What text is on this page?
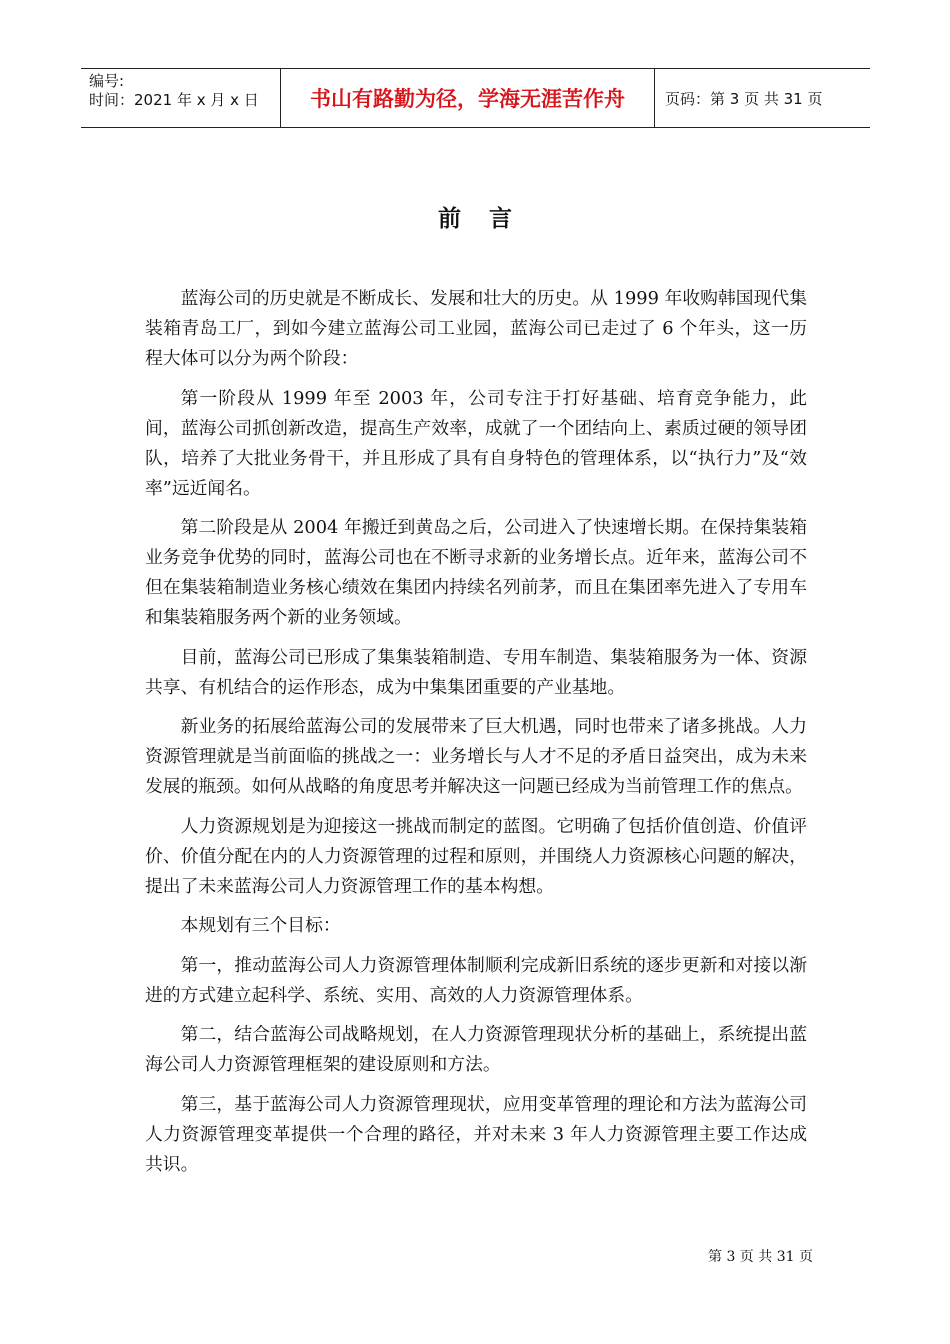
编号:
时间：2021 年 x 月 x 日	书山有路勤为径，学海无涯苦作舟	页码：第 3 页 共 31 页
前言

蓝海公司的历史就是不断成长、发展和壮大的历史。从 1999 年收购韩国现代集装箱青岛工厂，到如今建立蓝海公司工业园，蓝海公司已走过了 6 个年头，这一历程大体可以分为两个阶段：

第一阶段从 1999 年至 2003 年，公司专注于打好基础、培育竞争能力，此间，蓝海公司抓创新改造，提高生产效率，成就了一个团结向上、素质过硬的领导团队，培养了大批业务骨干，并且形成了具有自身特色的管理体系，以“执行力”及“效率”远近闻名。

第二阶段是从 2004 年搬迁到黄岛之后，公司进入了快速增长期。在保持集装箱业务竞争优势的同时，蓝海公司也在不断寻求新的业务增长点。近年来，蓝海公司不但在集装箱制造业务核心绩效在集团内持续名列前茅，而且在集团率先进入了专用车和集装箱服务两个新的业务领域。

目前，蓝海公司已形成了集集装箱制造、专用车制造、集装箱服务为一体、资源共享、有机结合的运作形态，成为中集集团重要的产业基地。

新业务的拓展给蓝海公司的发展带来了巨大机遇，同时也带来了诸多挑战。人力资源管理就是当前面临的挑战之一：业务增长与人才不足的矛盾日益突出，成为未来发展的瓶颈。如何从战略的角度思考并解决这一问题已经成为当前管理工作的焦点。

人力资源规划是为迎接这一挑战而制定的蓝图。它明确了包括价值创造、价值评价、价值分配在内的人力资源管理的过程和原则，并围绕人力资源核心问题的解决，提出了未来蓝海公司人力资源管理工作的基本构想。

本规划有三个目标：

第一，推动蓝海公司人力资源管理体制顺利完成新旧系统的逐步更新和对接以渐进的方式建立起科学、系统、实用、高效的人力资源管理体系。

第二，结合蓝海公司战略规划，在人力资源管理现状分析的基础上，系统提出蓝海公司人力资源管理框架的建设原则和方法。

第三，基于蓝海公司人力资源管理现状，应用变革管理的理论和方法为蓝海公司人力资源管理变革提供一个合理的路径，并对未来 3 年人力资源管理主要工作达成共识。

第 3 页 共 31 页
